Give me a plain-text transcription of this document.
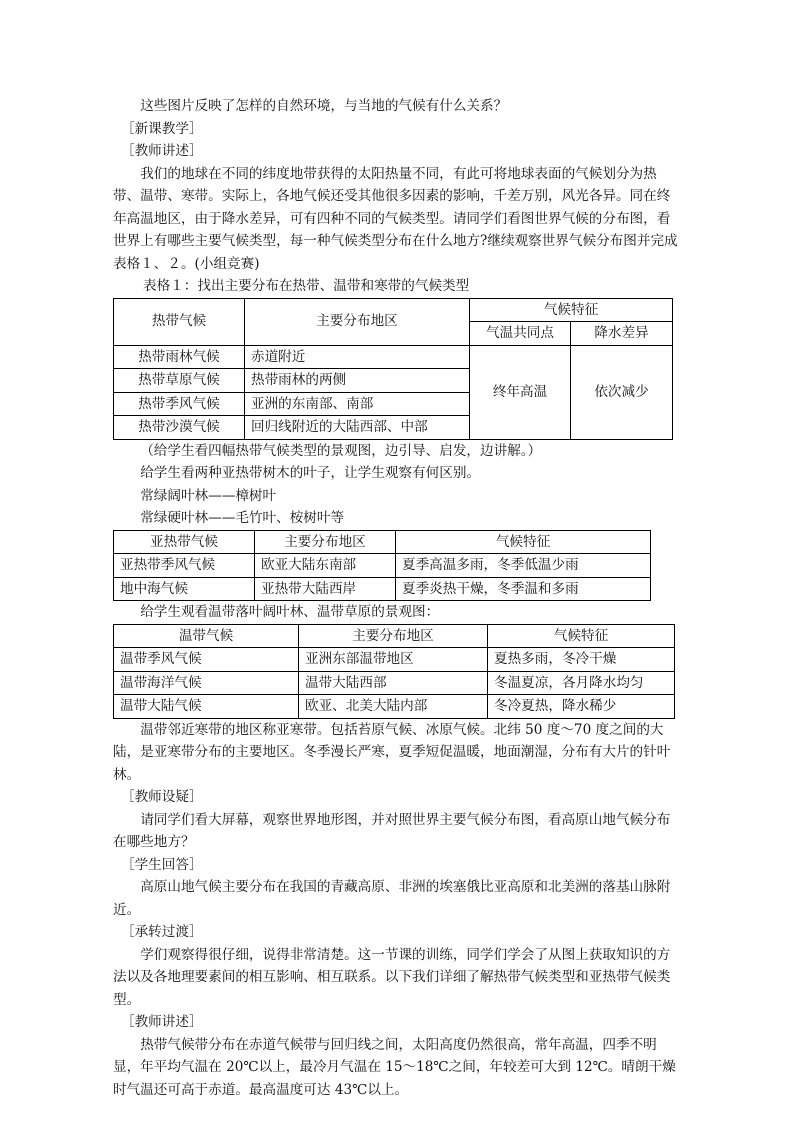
这些图片反映了怎样的自然环境，与当地的气候有什么关系？

［新课教学］

［教师讲述］

我们的地球在不同的纬度地带获得的太阳热量不同，有此可将地球表面的气候划分为热带、温带、寒带。实际上，各地气候还受其他很多因素的影响，千差万别，风光各异。同在终年高温地区，由于降水差异，可有四种不同的气候类型。请同学们看图世界气候的分布图，看世界上有哪些主要气候类型，每一种气候类型分布在什么地方?继续观察世界气候分布图并完成表格１、２。(小组竞赛)

表格１：找出主要分布在热带、温带和寒带的气候类型

热带气候	主要分布地区	气候特征	
		气温共同点	降水差异
热带雨林气候	赤道附近	终年高温	依次减少
热带草原气候	热带雨林的两侧		
热带季风气候	亚洲的东南部、南部		
热带沙漠气候	回归线附近的大陆西部、中部		

（给学生看四幅热带气候类型的景观图，边引导、启发，边讲解。）

给学生看两种亚热带树木的叶子，让学生观察有何区别。

常绿阔叶林——樟树叶

常绿硬叶林——毛竹叶、桉树叶等

亚热带气候	主要分布地区	气候特征
亚热带季风气候	欧亚大陆东南部	夏季高温多雨，冬季低温少雨
地中海气候	亚热带大陆西岸	夏季炎热干燥，冬季温和多雨

给学生观看温带落叶阔叶林、温带草原的景观图：

温带气候	主要分布地区	气候特征
温带季风气候	亚洲东部温带地区	夏热多雨，冬冷干燥
温带海洋气候	温带大陆西部	冬温夏凉，各月降水均匀
温带大陆气候	欧亚、北美大陆内部	冬冷夏热，降水稀少

温带邻近寒带的地区称亚寒带。包括苔原气候、冰原气候。北纬 50 度～70 度之间的大陆，是亚寒带分布的主要地区。冬季漫长严寒，夏季短促温暖，地面潮湿，分布有大片的针叶林。

［教师设疑］

请同学们看大屏幕，观察世界地形图，并对照世界主要气候分布图，看高原山地气候分布在哪些地方？

［学生回答］

高原山地气候主要分布在我国的青藏高原、非洲的埃塞俄比亚高原和北美洲的落基山脉附近。

［承转过渡］

学们观察得很仔细，说得非常清楚。这一节课的训练，同学们学会了从图上获取知识的方法以及各地理要素间的相互影响、相互联系。以下我们详细了解热带气候类型和亚热带气候类型。

［教师讲述］

热带气候带分布在赤道气候带与回归线之间，太阳高度仍然很高，常年高温，四季不明显，年平均气温在 20℃以上，最冷月气温在 15～18℃之间，年较差可大到 12℃。晴朗干燥时气温还可高于赤道。最高温度可达 43℃以上。
